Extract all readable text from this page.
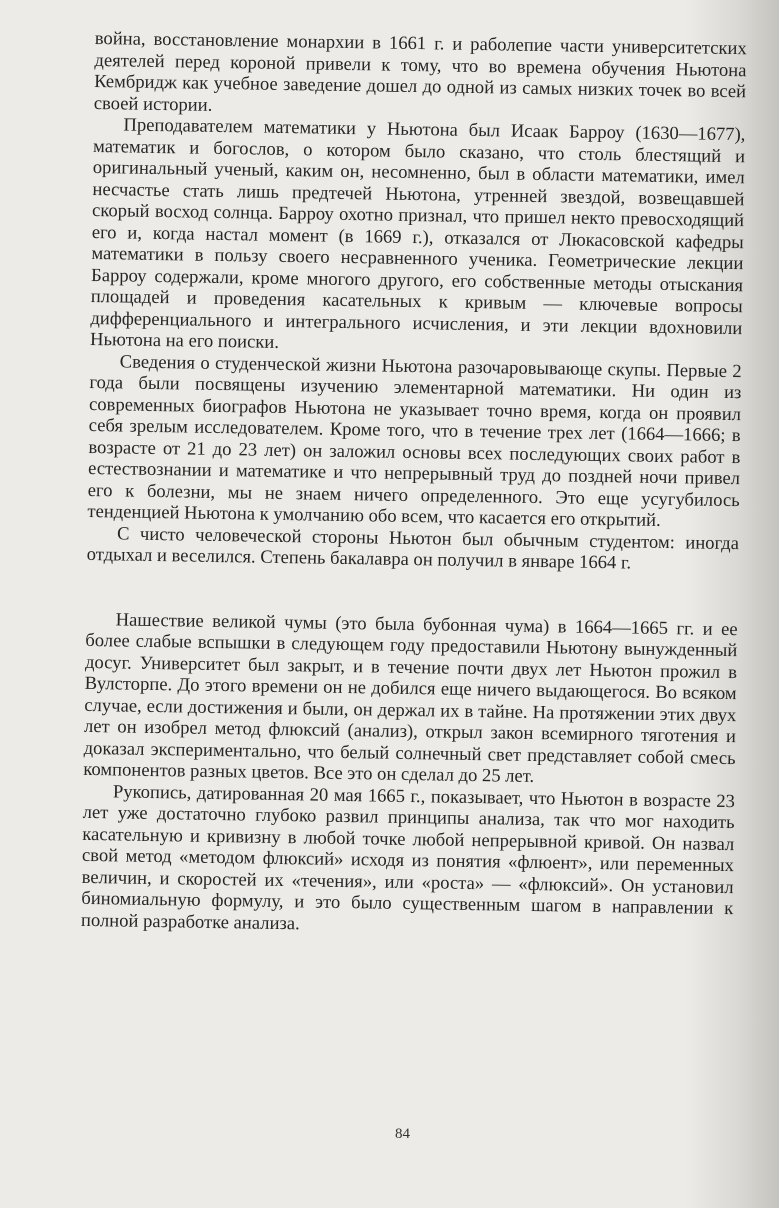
война, восстановление монархии в 1661 г. и раболепие части университетских деятелей перед короной привели к тому, что во времена обучения Ньютона Кембридж как учебное заведение дошел до одной из самых низких точек во всей своей истории.

Преподавателем математики у Ньютона был Исаак Барроу (1630—1677), математик и богослов, о котором было сказано, что столь блестящий и оригинальный ученый, каким он, несомненно, был в области математики, имел несчастье стать лишь предтечей Ньютона, утренней звездой, возвещавшей скорый восход солнца. Барроу охотно признал, что пришел некто превосходящий его и, когда настал момент (в 1669 г.), отказался от Люкасовской кафедры математики в пользу своего несравненного ученика. Геометрические лекции Барроу содержали, кроме многого другого, его собственные методы отыскания площадей и проведения касательных к кривым — ключевые вопросы дифференциального и интегрального исчисления, и эти лекции вдохновили Ньютона на его поиски.

Сведения о студенческой жизни Ньютона разочаровывающе скупы. Первые 2 года были посвящены изучению элементарной математики. Ни один из современных биографов Ньютона не указывает точно время, когда он проявил себя зрелым исследователем. Кроме того, что в течение трех лет (1664—1666; в возрасте от 21 до 23 лет) он заложил основы всех последующих своих работ в естествознании и математике и что непрерывный труд до поздней ночи привел его к болезни, мы не знаем ничего определенного. Это еще усугубилось тенденцией Ньютона к умолчанию обо всем, что касается его открытий.

С чисто человеческой стороны Ньютон был обычным студентом: иногда отдыхал и веселился. Степень бакалавра он получил в январе 1664 г.

Нашествие великой чумы (это была бубонная чума) в 1664—1665 гг. и ее более слабые вспышки в следующем году предоставили Ньютону вынужденный досуг. Университет был закрыт, и в течение почти двух лет Ньютон прожил в Вулсторпе. До этого времени он не добился еще ничего выдающегося. Во всяком случае, если достижения и были, он держал их в тайне. На протяжении этих двух лет он изобрел метод флюксий (анализ), открыл закон всемирного тяготения и доказал экспериментально, что белый солнечный свет представляет собой смесь компонентов разных цветов. Все это он сделал до 25 лет.

Рукопись, датированная 20 мая 1665 г., показывает, что Ньютон в возрасте 23 лет уже достаточно глубоко развил принципы анализа, так что мог находить касательную и кривизну в любой точке любой непрерывной кривой. Он назвал свой метод «методом флюксий» исходя из понятия «флюент», или переменных величин, и скоростей их «течения», или «роста» — «флюксий». Он установил биномиальную формулу, и это было существенным шагом в направлении к полной разработке анализа.

84
